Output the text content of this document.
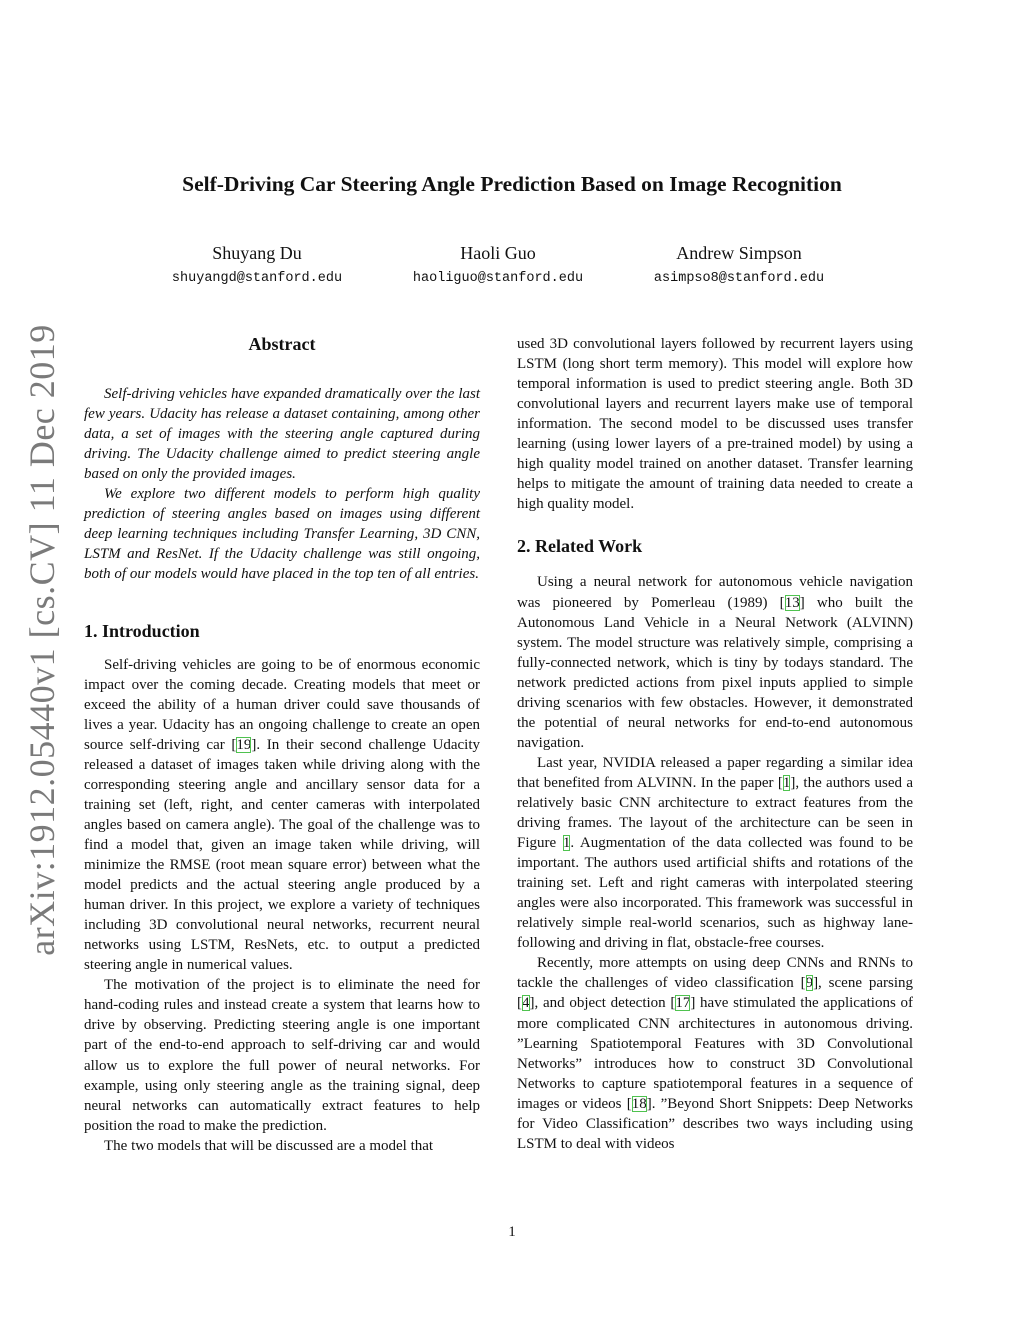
arXiv:1912.05440v1 [cs.CV] 11 Dec 2019
Self-Driving Car Steering Angle Prediction Based on Image Recognition
Shuyang Du
shuyangd@stanford.edu
Haoli Guo
haoliguo@stanford.edu
Andrew Simpson
asimpso8@stanford.edu
Abstract

Self-driving vehicles have expanded dramatically over the last few years. Udacity has release a dataset containing, among other data, a set of images with the steering angle captured during driving. The Udacity challenge aimed to predict steering angle based on only the provided images.

We explore two different models to perform high quality prediction of steering angles based on images using different deep learning techniques including Transfer Learning, 3D CNN, LSTM and ResNet. If the Udacity challenge was still ongoing, both of our models would have placed in the top ten of all entries.

1. Introduction

Self-driving vehicles are going to be of enormous economic impact over the coming decade. Creating models that meet or exceed the ability of a human driver could save thousands of lives a year. Udacity has an ongoing challenge to create an open source self-driving car [19]. In their second challenge Udacity released a dataset of images taken while driving along with the corresponding steering angle and ancillary sensor data for a training set (left, right, and center cameras with interpolated angles based on camera angle). The goal of the challenge was to find a model that, given an image taken while driving, will minimize the RMSE (root mean square error) between what the model predicts and the actual steering angle produced by a human driver. In this project, we explore a variety of techniques including 3D convolutional neural networks, recurrent neural networks using LSTM, ResNets, etc. to output a predicted steering angle in numerical values.

The motivation of the project is to eliminate the need for hand-coding rules and instead create a system that learns how to drive by observing. Predicting steering angle is one important part of the end-to-end approach to self-driving car and would allow us to explore the full power of neural networks. For example, using only steering angle as the training signal, deep neural networks can automatically extract features to help position the road to make the prediction.

The two models that will be discussed are a model that

used 3D convolutional layers followed by recurrent layers using LSTM (long short term memory). This model will explore how temporal information is used to predict steering angle. Both 3D convolutional layers and recurrent layers make use of temporal information. The second model to be discussed uses transfer learning (using lower layers of a pre-trained model) by using a high quality model trained on another dataset. Transfer learning helps to mitigate the amount of training data needed to create a high quality model.

2. Related Work

Using a neural network for autonomous vehicle navigation was pioneered by Pomerleau (1989) [13] who built the Autonomous Land Vehicle in a Neural Network (ALVINN) system. The model structure was relatively simple, comprising a fully-connected network, which is tiny by todays standard. The network predicted actions from pixel inputs applied to simple driving scenarios with few obstacles. However, it demonstrated the potential of neural networks for end-to-end autonomous navigation.

Last year, NVIDIA released a paper regarding a similar idea that benefited from ALVINN. In the paper [1], the authors used a relatively basic CNN architecture to extract features from the driving frames. The layout of the architecture can be seen in Figure 1. Augmentation of the data collected was found to be important. The authors used artificial shifts and rotations of the training set. Left and right cameras with interpolated steering angles were also incorporated. This framework was successful in relatively simple real-world scenarios, such as highway lane-following and driving in flat, obstacle-free courses.

Recently, more attempts on using deep CNNs and RNNs to tackle the challenges of video classification [9], scene parsing [4], and object detection [17] have stimulated the applications of more complicated CNN architectures in autonomous driving. ”Learning Spatiotemporal Features with 3D Convolutional Networks” introduces how to construct 3D Convolutional Networks to capture spatiotemporal features in a sequence of images or videos [18]. ”Beyond Short Snippets: Deep Networks for Video Classification” describes two ways including using LSTM to deal with videos

1
